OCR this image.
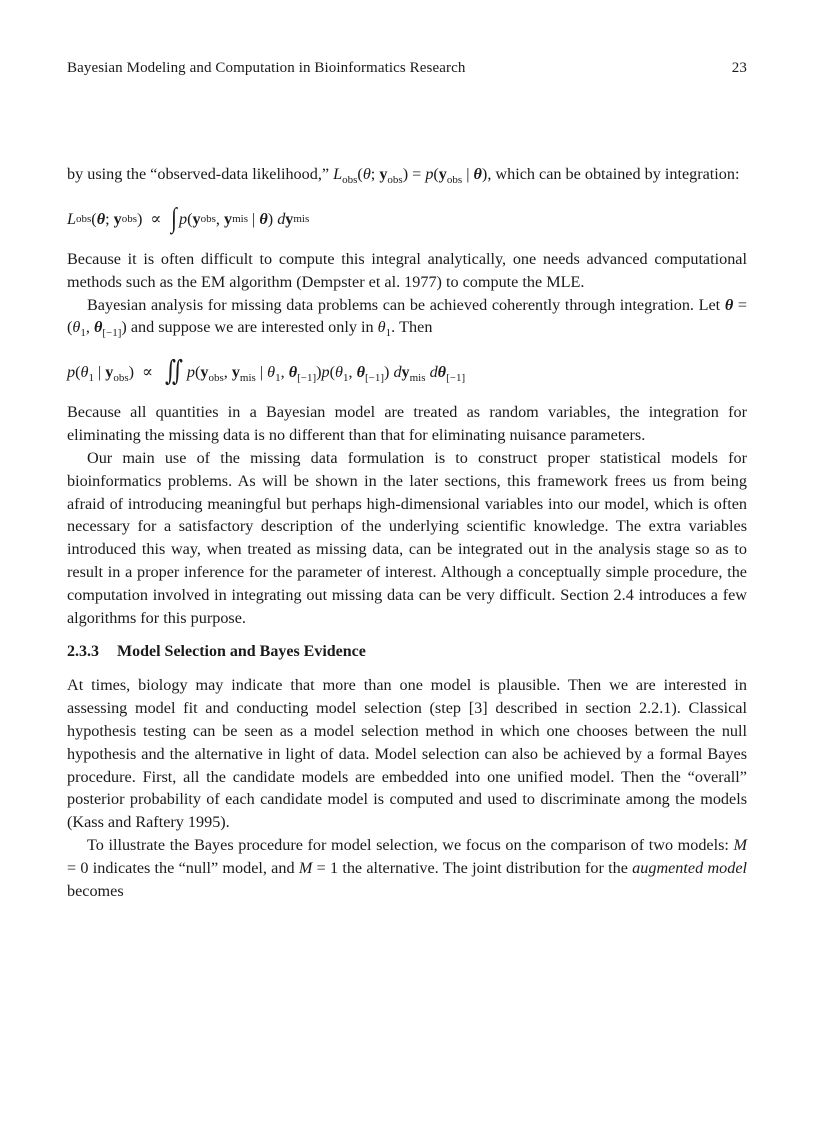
Bayesian Modeling and Computation in Bioinformatics Research	23

by using the “observed-data likelihood,” $L_{obs}(\theta$; $y_{obs}) = p(y_{obs}$ | θ), which can be obtained by integration:

L obs (θ; y obs ) ∝ ∫ p(y obs , y mis | θ) dy mis

Because it is often difficult to compute this integral analytically, one needs advanced computational methods such as the EM algorithm (Dempster et al. 1977) to compute the MLE.

Bayesian analysis for missing data problems can be achieved coherently through integration. Let $\theta = (\theta_1$, $\theta_{[-1]}$) and suppose we are interested only in $\theta_1$. Then

$p(\theta_1$ | $y_{obs}$) ∝ ∬ $p(y_{obs}$, $y_{mis}$ | $\theta_1$, $\theta_{[-1]})p(\theta_1$, $\theta_{[-1]}$) $dy_{mis}$ $d\theta_{[-1]}$

Because all quantities in a Bayesian model are treated as random variables, the integration for eliminating the missing data is no different than that for eliminating nuisance parameters.

Our main use of the missing data formulation is to construct proper statistical models for bioinformatics problems. As will be shown in the later sections, this framework frees us from being afraid of introducing meaningful but perhaps high-dimensional variables into our model, which is often necessary for a satisfactory description of the underlying scientific knowledge. The extra variables introduced this way, when treated as missing data, can be integrated out in the analysis stage so as to result in a proper inference for the parameter of interest. Although a conceptually simple procedure, the computation involved in integrating out missing data can be very difficult. Section 2.4 introduces a few algorithms for this purpose.

2.3.3 Model Selection and Bayes Evidence

At times, biology may indicate that more than one model is plausible. Then we are interested in assessing model fit and conducting model selection (step [3] described in section 2.2.1). Classical hypothesis testing can be seen as a model selection method in which one chooses between the null hypothesis and the alternative in light of data. Model selection can also be achieved by a formal Bayes procedure. First, all the candidate models are embedded into one unified model. Then the “overall” posterior probability of each candidate model is computed and used to discriminate among the models (Kass and Raftery 1995).

To illustrate the Bayes procedure for model selection, we focus on the comparison of two models: M = 0 indicates the “null” model, and M = 1 the alternative. The joint distribution for the augmented model becomes
